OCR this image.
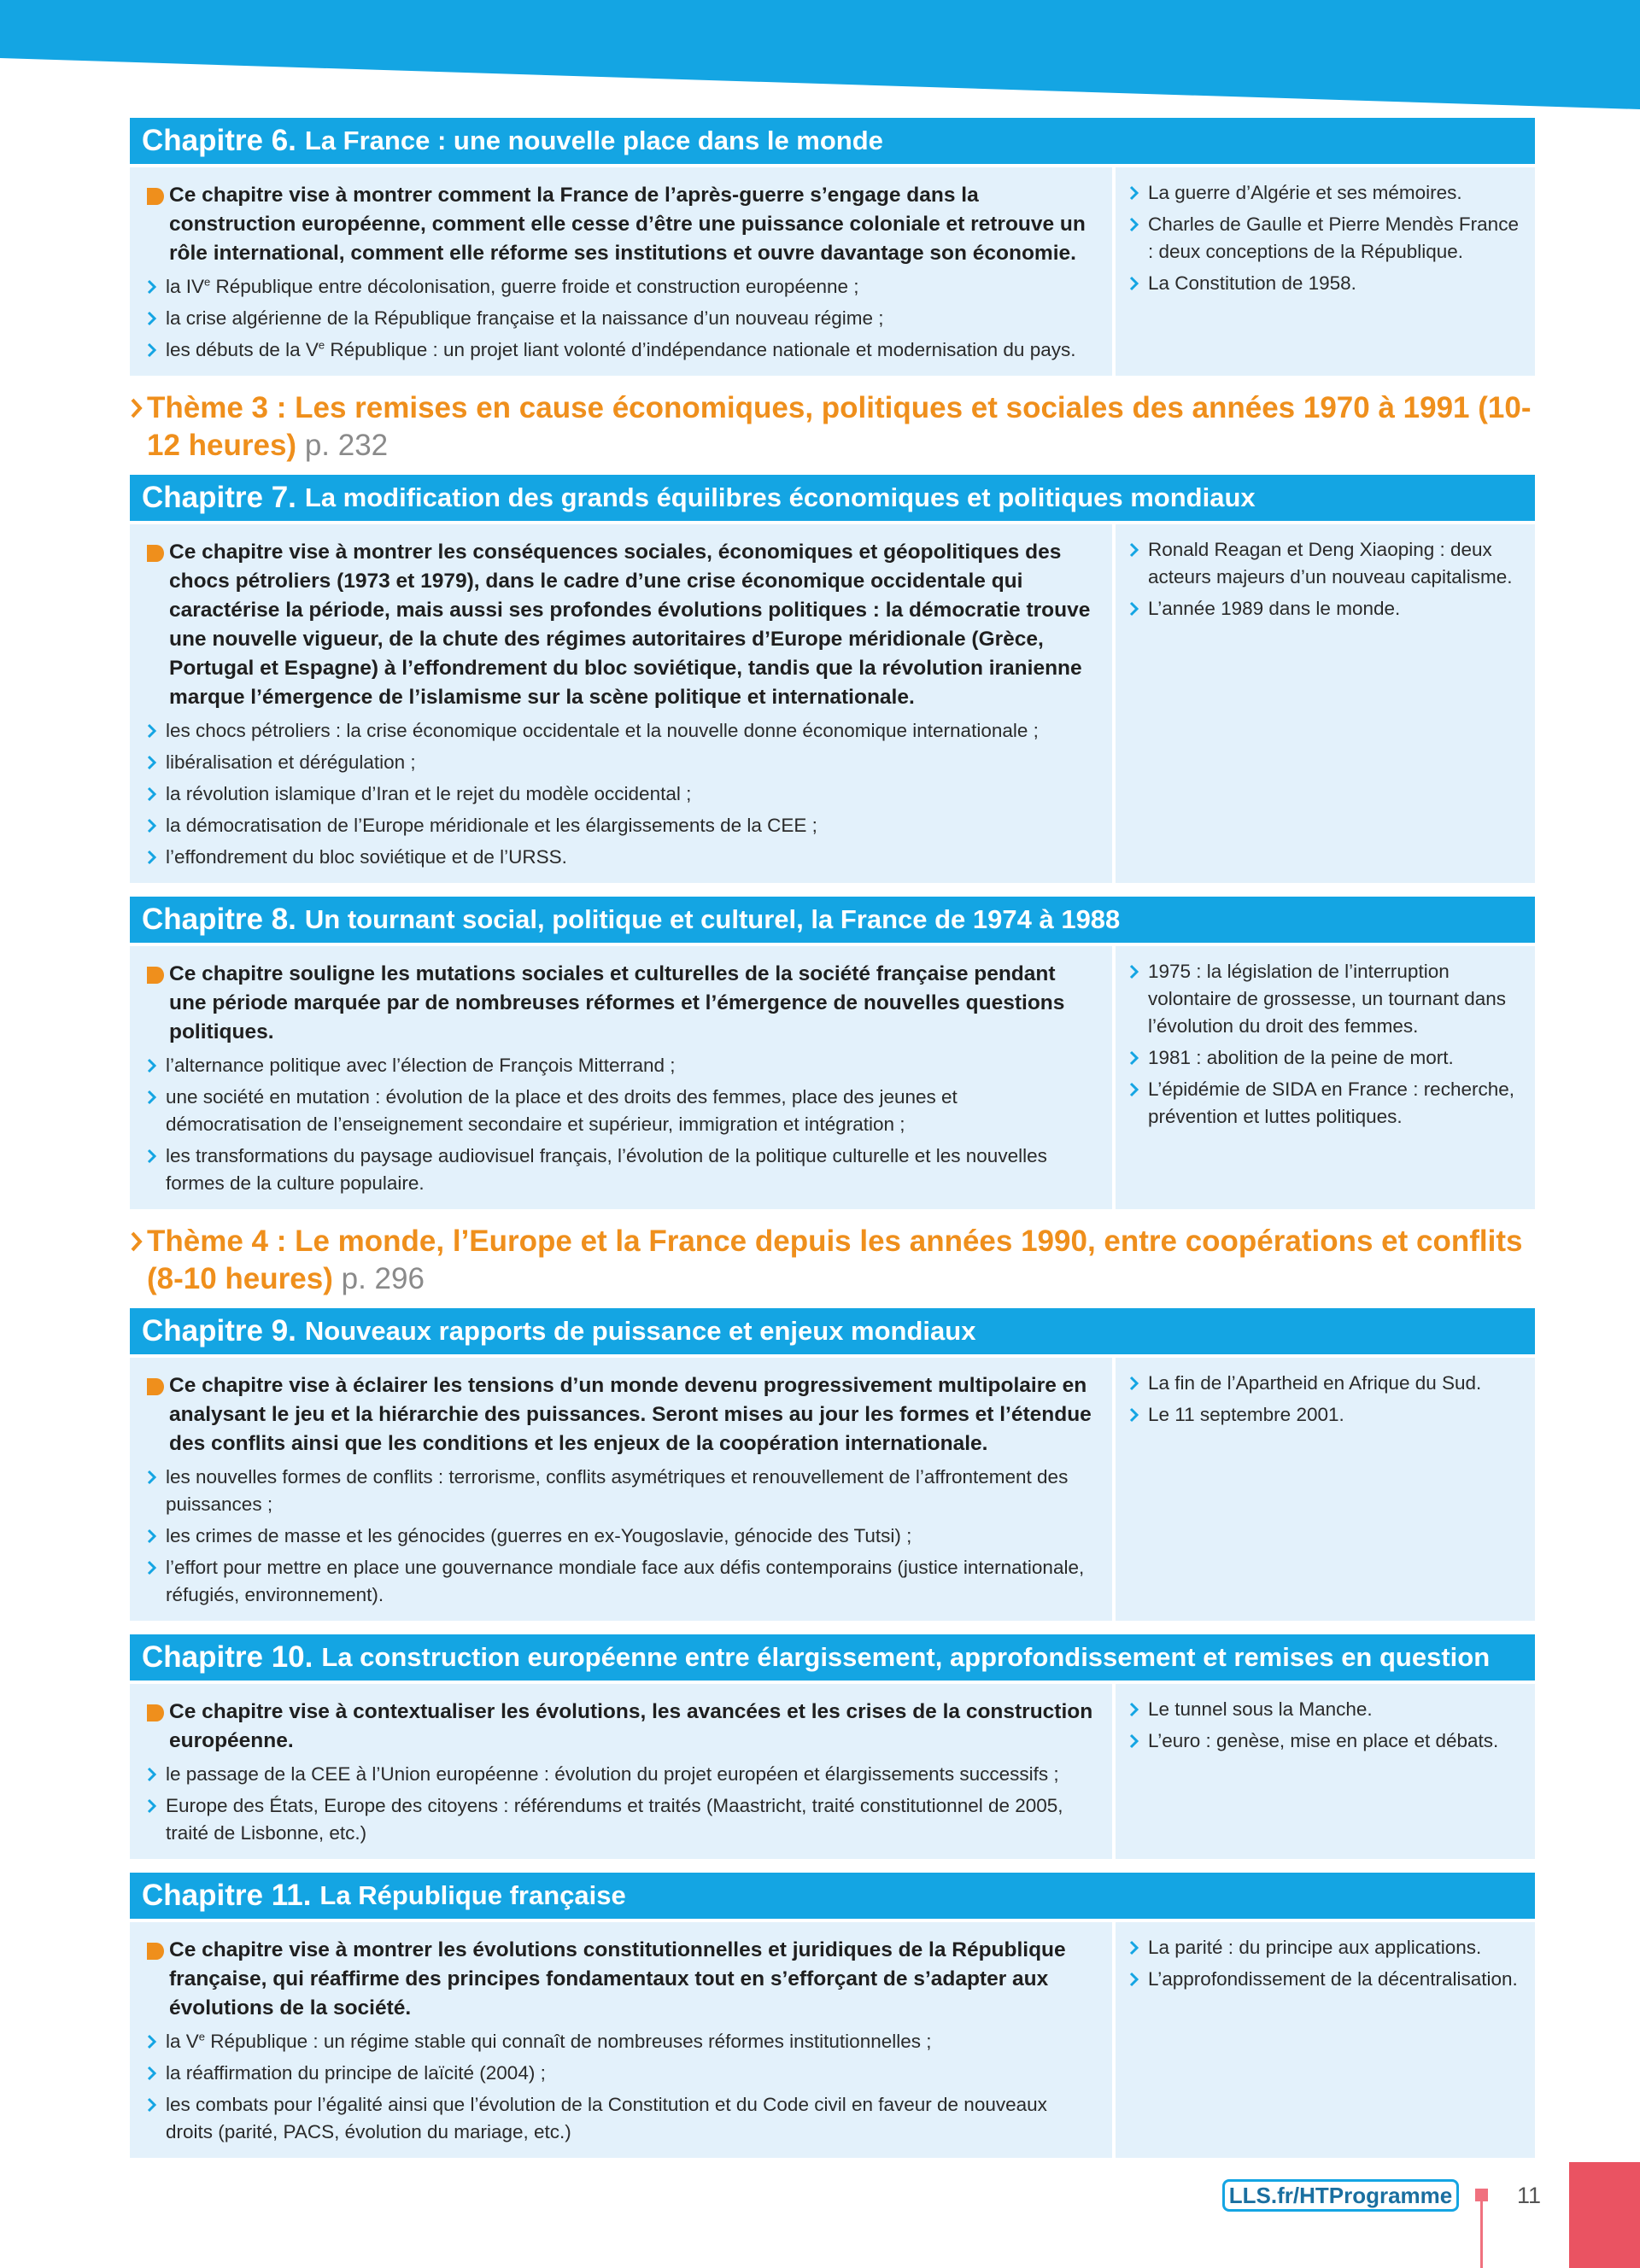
Chapitre 6. La France : une nouvelle place dans le monde
Ce chapitre vise à montrer comment la France de l’après-guerre s’engage dans la construction européenne, comment elle cesse d’être une puissance coloniale et retrouve un rôle international, comment elle réforme ses institutions et ouvre davantage son économie.
la IVe République entre décolonisation, guerre froide et construction européenne ;
la crise algérienne de la République française et la naissance d’un nouveau régime ;
les débuts de la Ve République : un projet liant volonté d’indépendance nationale et modernisation du pays.
La guerre d’Algérie et ses mémoires.
Charles de Gaulle et Pierre Mendès France : deux conceptions de la République.
La Constitution de 1958.
Thème 3 : Les remises en cause économiques, politiques et sociales des années 1970 à 1991 (10-12 heures) p. 232
Chapitre 7. La modification des grands équilibres économiques et politiques mondiaux
Ce chapitre vise à montrer les conséquences sociales, économiques et géopolitiques des chocs pétroliers (1973 et 1979), dans le cadre d’une crise économique occidentale qui caractérise la période, mais aussi ses profondes évolutions politiques : la démocratie trouve une nouvelle vigueur, de la chute des régimes autoritaires d’Europe méridionale (Grèce, Portugal et Espagne) à l’effondrement du bloc soviétique, tandis que la révolution iranienne marque l’émergence de l’islamisme sur la scène politique et internationale.
les chocs pétroliers : la crise économique occidentale et la nouvelle donne économique internationale ;
libéralisation et dérégulation ;
la révolution islamique d’Iran et le rejet du modèle occidental ;
la démocratisation de l’Europe méridionale et les élargissements de la CEE ;
l’effondrement du bloc soviétique et de l’URSS.
Ronald Reagan et Deng Xiaoping : deux acteurs majeurs d’un nouveau capitalisme.
L’année 1989 dans le monde.
Chapitre 8. Un tournant social, politique et culturel, la France de 1974 à 1988
Ce chapitre souligne les mutations sociales et culturelles de la société française pendant une période marquée par de nombreuses réformes et l’émergence de nouvelles questions politiques.
l’alternance politique avec l’élection de François Mitterrand ;
une société en mutation : évolution de la place et des droits des femmes, place des jeunes et démocratisation de l’enseignement secondaire et supérieur, immigration et intégration ;
les transformations du paysage audiovisuel français, l’évolution de la politique culturelle et les nouvelles formes de la culture populaire.
1975 : la législation de l’interruption volontaire de grossesse, un tournant dans l’évolution du droit des femmes.
1981 : abolition de la peine de mort.
L’épidémie de SIDA en France : recherche, prévention et luttes politiques.
Thème 4 : Le monde, l’Europe et la France depuis les années 1990, entre coopérations et conflits (8-10 heures) p. 296
Chapitre 9. Nouveaux rapports de puissance et enjeux mondiaux
Ce chapitre vise à éclairer les tensions d’un monde devenu progressivement multipolaire en analysant le jeu et la hiérarchie des puissances. Seront mises au jour les formes et l’étendue des conflits ainsi que les conditions et les enjeux de la coopération internationale.
les nouvelles formes de conflits : terrorisme, conflits asymétriques et renouvellement de l’affrontement des puissances ;
les crimes de masse et les génocides (guerres en ex-Yougoslavie, génocide des Tutsi) ;
l’effort pour mettre en place une gouvernance mondiale face aux défis contemporains (justice internationale, réfugiés, environnement).
La fin de l’Apartheid en Afrique du Sud.
Le 11 septembre 2001.
Chapitre 10. La construction européenne entre élargissement, approfondissement et remises en question
Ce chapitre vise à contextualiser les évolutions, les avancées et les crises de la construction européenne.
le passage de la CEE à l’Union européenne : évolution du projet européen et élargissements successifs ;
Europe des États, Europe des citoyens : référendums et traités (Maastricht, traité constitutionnel de 2005, traité de Lisbonne, etc.)
Le tunnel sous la Manche.
L’euro : genèse, mise en place et débats.
Chapitre 11. La République française
Ce chapitre vise à montrer les évolutions constitutionnelles et juridiques de la République française, qui réaffirme des principes fondamentaux tout en s’efforçant de s’adapter aux évolutions de la société.
la Ve République : un régime stable qui connaît de nombreuses réformes institutionnelles ;
la réaffirmation du principe de laïcité (2004) ;
les combats pour l’égalité ainsi que l’évolution de la Constitution et du Code civil en faveur de nouveaux droits (parité, PACS, évolution du mariage, etc.)
La parité : du principe aux applications.
L’approfondissement de la décentralisation.
LLS.fr/HTProgramme	11
